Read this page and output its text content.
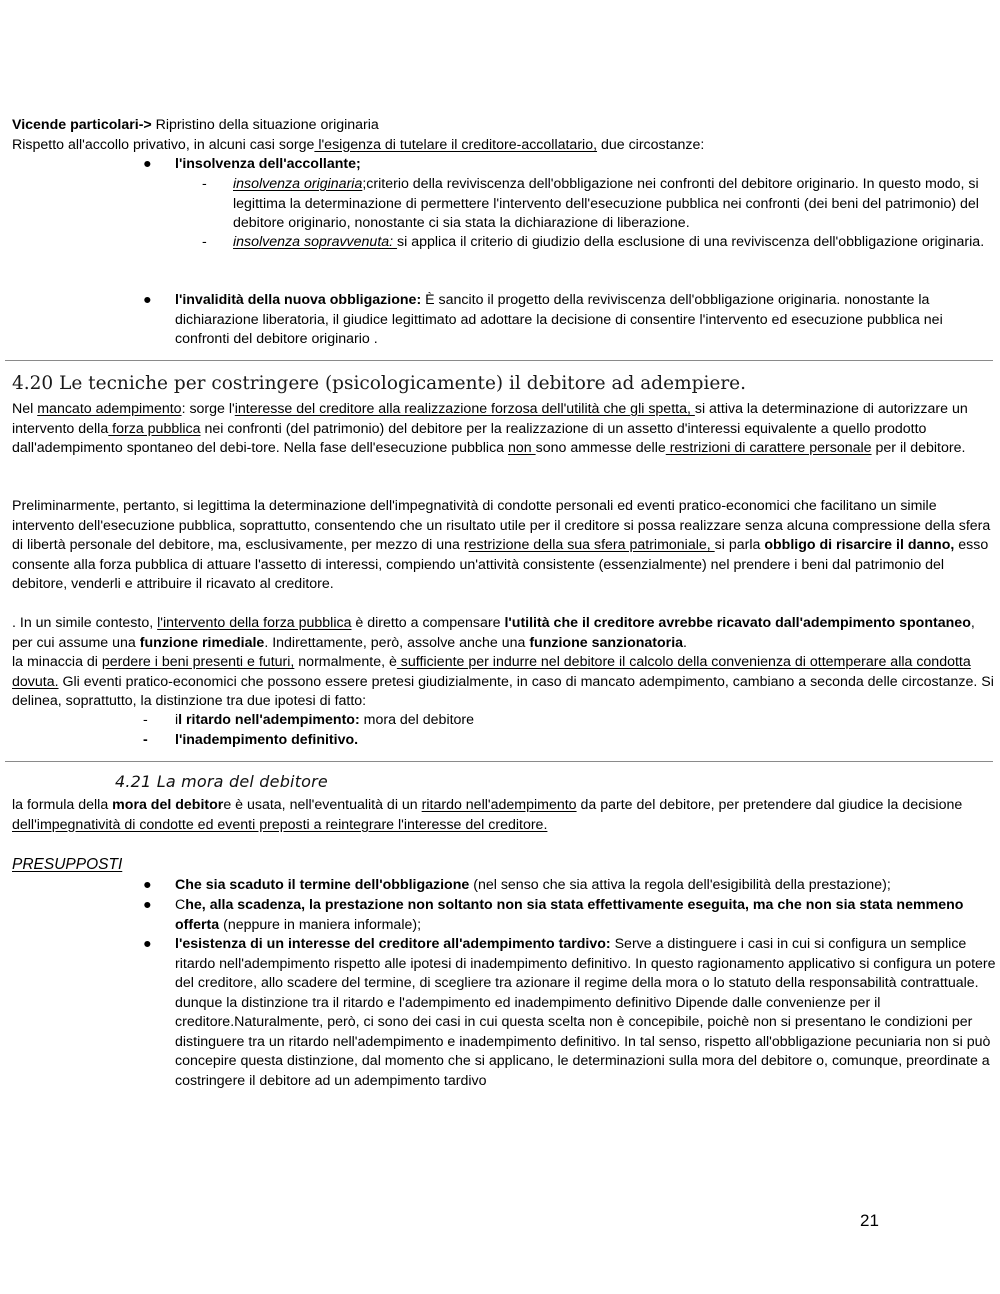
Vicende particolari-> Ripristino della situazione originaria

Rispetto all'accollo privativo, in alcuni casi sorge l'esigenza di tutelare il creditore-accollatario, due circostanze:

●	l'insolvenza dell'accollante;
- insolvenza originaria;criterio della reviviscenza dell'obbligazione nei confronti del debitore originario. In questo modo, si legittima la determinazione di permettere l'intervento dell'esecuzione pubblica nei confronti (dei beni del patrimonio) del debitore originario, nonostante ci sia stata la dichiarazione di liberazione.
- insolvenza sopravvenuta: si applica il criterio di giudizio della esclusione di una reviviscenza dell'obbligazione originaria.
●	l'invalidità della nuova obbligazione: È sancito il progetto della reviviscenza dell'obbligazione originaria. nonostante la dichiarazione liberatoria, il giudice legittimato ad adottare la decisione di consentire l'intervento ed esecuzione pubblica nei confronti del debitore originario .
4.20 Le tecniche per costringere (psicologicamente) il debitore ad adempiere.

Nel mancato adempimento: sorge l'interesse del creditore alla realizzazione forzosa dell'utilità che gli spetta, si attiva la determinazione di autorizzare un intervento della forza pubblica nei confronti (del patrimonio) del debitore per la realizzazione di un assetto d'interessi equivalente a quello prodotto dall'adempimento spontaneo del debi-tore. Nella fase dell'esecuzione pubblica non sono ammesse delle restrizioni di carattere personale per il debitore.

Preliminarmente, pertanto, si legittima la determinazione dell'impegnatività di condotte personali ed eventi pratico-economici che facilitano un simile intervento dell'esecuzione pubblica, soprattutto, consentendo che un risultato utile per il creditore si possa realizzare senza alcuna compressione della sfera di libertà personale del debitore, ma, esclusivamente, per mezzo di una restrizione della sua sfera patrimoniale, si parla obbligo di risarcire il danno, esso consente alla forza pubblica di attuare l'assetto di interessi, compiendo un'attività consistente (essenzialmente) nel prendere i beni dal patrimonio del debitore, venderli e attribuire il ricavato al creditore.

. In un simile contesto, l'intervento della forza pubblica è diretto a compensare l'utilità che il creditore avrebbe ricavato dall'adempimento spontaneo, per cui assume una funzione rimediale. Indirettamente, però, assolve anche una funzione sanzionatoria.

la minaccia di perdere i beni presenti e futuri, normalmente, è sufficiente per indurre nel debitore il calcolo della convenienza di ottemperare alla condotta dovuta. Gli eventi pratico-economici che possono essere pretesi giudizialmente, in caso di mancato adempimento, cambiano a seconda delle circostanze. Si delinea, soprattutto, la distinzione tra due ipotesi di fatto:

-	il ritardo nell'adempimento: mora del debitore
-	l'inadempimento definitivo.
4.21 La mora del debitore

la formula della mora del debitore è usata, nell'eventualità di un ritardo nell'adempimento da parte del debitore, per pretendere dal giudice la decisione dell'impegnatività di condotte ed eventi preposti a reintegrare l'interesse del creditore.

PRESUPPOSTI
●	Che sia scaduto il termine dell'obbligazione (nel senso che sia attiva la regola dell'esigibilità della prestazione);
●	Che, alla scadenza, la prestazione non soltanto non sia stata effettivamente eseguita, ma che non sia stata nemmeno offerta (neppure in maniera informale);
●	l'esistenza di un interesse del creditore all'adempimento tardivo: Serve a distinguere i casi in cui si configura un semplice ritardo nell'adempimento rispetto alle ipotesi di inadempimento definitivo. In questo ragionamento applicativo si configura un potere del creditore, allo scadere del termine, di scegliere tra azionare il regime della mora o lo statuto della responsabilità contrattuale. dunque la distinzione tra il ritardo e l'adempimento ed inadempimento definitivo Dipende dalle convenienze per il creditore.Naturalmente, però, ci sono dei casi in cui questa scelta non è concepibile, poichè non si presentano le condizioni per distinguere tra un ritardo nell'adempimento e inadempimento definitivo. In tal senso, rispetto all'obbligazione pecuniaria non si può concepire questa distinzione, dal momento che si applicano, le determinazioni sulla mora del debitore o, comunque, preordinate a costringere il debitore ad un adempimento tardivo
21
